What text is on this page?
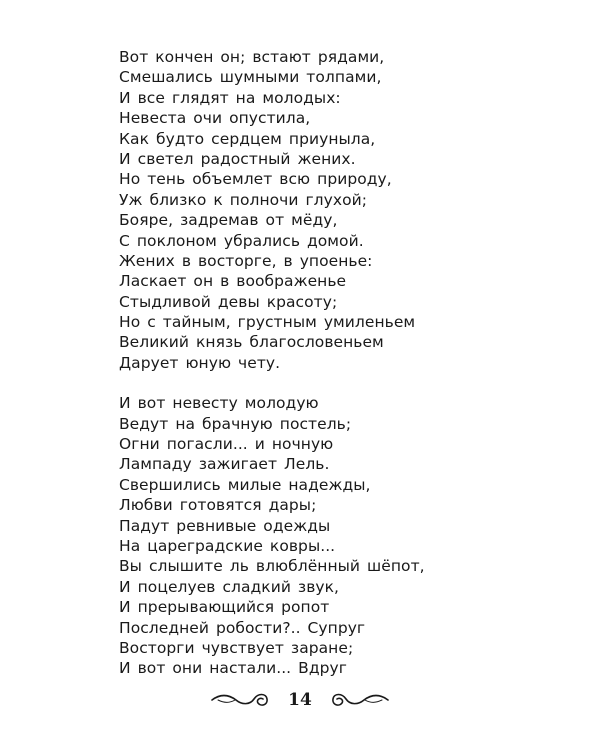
Вот кончен он; встают рядами,
Смешались шумными толпами,
И все глядят на молодых:
Невеста очи опустила,
Как будто сердцем приуныла,
И светел радостный жених.
Но тень объемлет всю природу,
Уж близко к полночи глухой;
Бояре, задремав от мёду,
С поклоном убрались домой.
Жених в восторге, в упоенье:
Ласкает он в воображенье
Стыдливой девы красоту;
Но с тайным, грустным умиленьем
Великий князь благословеньем
Дарует юную чету.
И вот невесту молодую
Ведут на брачную постель;
Огни погасли... и ночную
Лампаду зажигает Лель.
Свершились милые надежды,
Любви готовятся дары;
Падут ревнивые одежды
На цареградские ковры...
Вы слышите ль влюблённый шёпот,
И поцелуев сладкий звук,
И прерывающийся ропот
Последней робости?.. Супруг
Восторги чувствует заране;
И вот они настали... Вдруг
14
